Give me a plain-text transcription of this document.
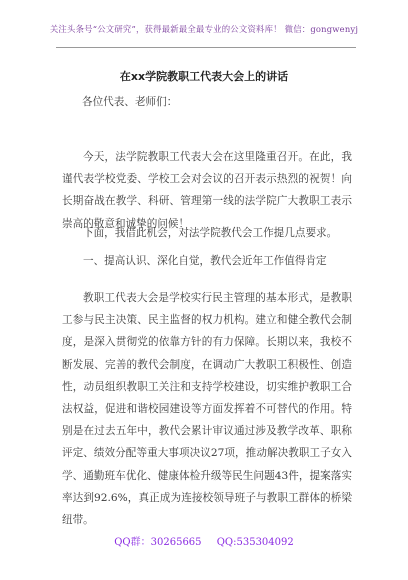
关注头条号“公文研究”，获得最新最全最专业的公文资料库！ 微信：gongwenyj
在xx学院教职工代表大会上的讲话
各位代表、老师们：
今天，法学院教职工代表大会在这里隆重召开。在此，我谨代表学校党委、学校工会对会议的召开表示热烈的祝贺！向长期奋战在教学、科研、管理第一线的法学院广大教职工表示崇高的敬意和诚挚的问候！
下面，我借此机会，对法学院教代会工作提几点要求。
一、提高认识、深化自觉，教代会近年工作值得肯定
教职工代表大会是学校实行民主管理的基本形式，是教职工参与民主决策、民主监督的权力机构。建立和健全教代会制度，是深入贯彻党的依靠方针的有力保障。长期以来，我校不断发展、完善的教代会制度，在调动广大教职工积极性、创造性，动员组织教职工关注和支持学校建设，切实维护教职工合法权益，促进和谐校园建设等方面发挥着不可替代的作用。特别是在过去五年中，教代会累计审议通过涉及教学改革、职称评定、绩效分配等重大事项决议27项，推动解决教职工子女入学、通勤班车优化、健康体检升级等民生问题43件，提案落实率达到92.6%，真正成为连接校领导班子与教职工群体的桥梁纽带。
QQ群：30265665 QQ:535304092
